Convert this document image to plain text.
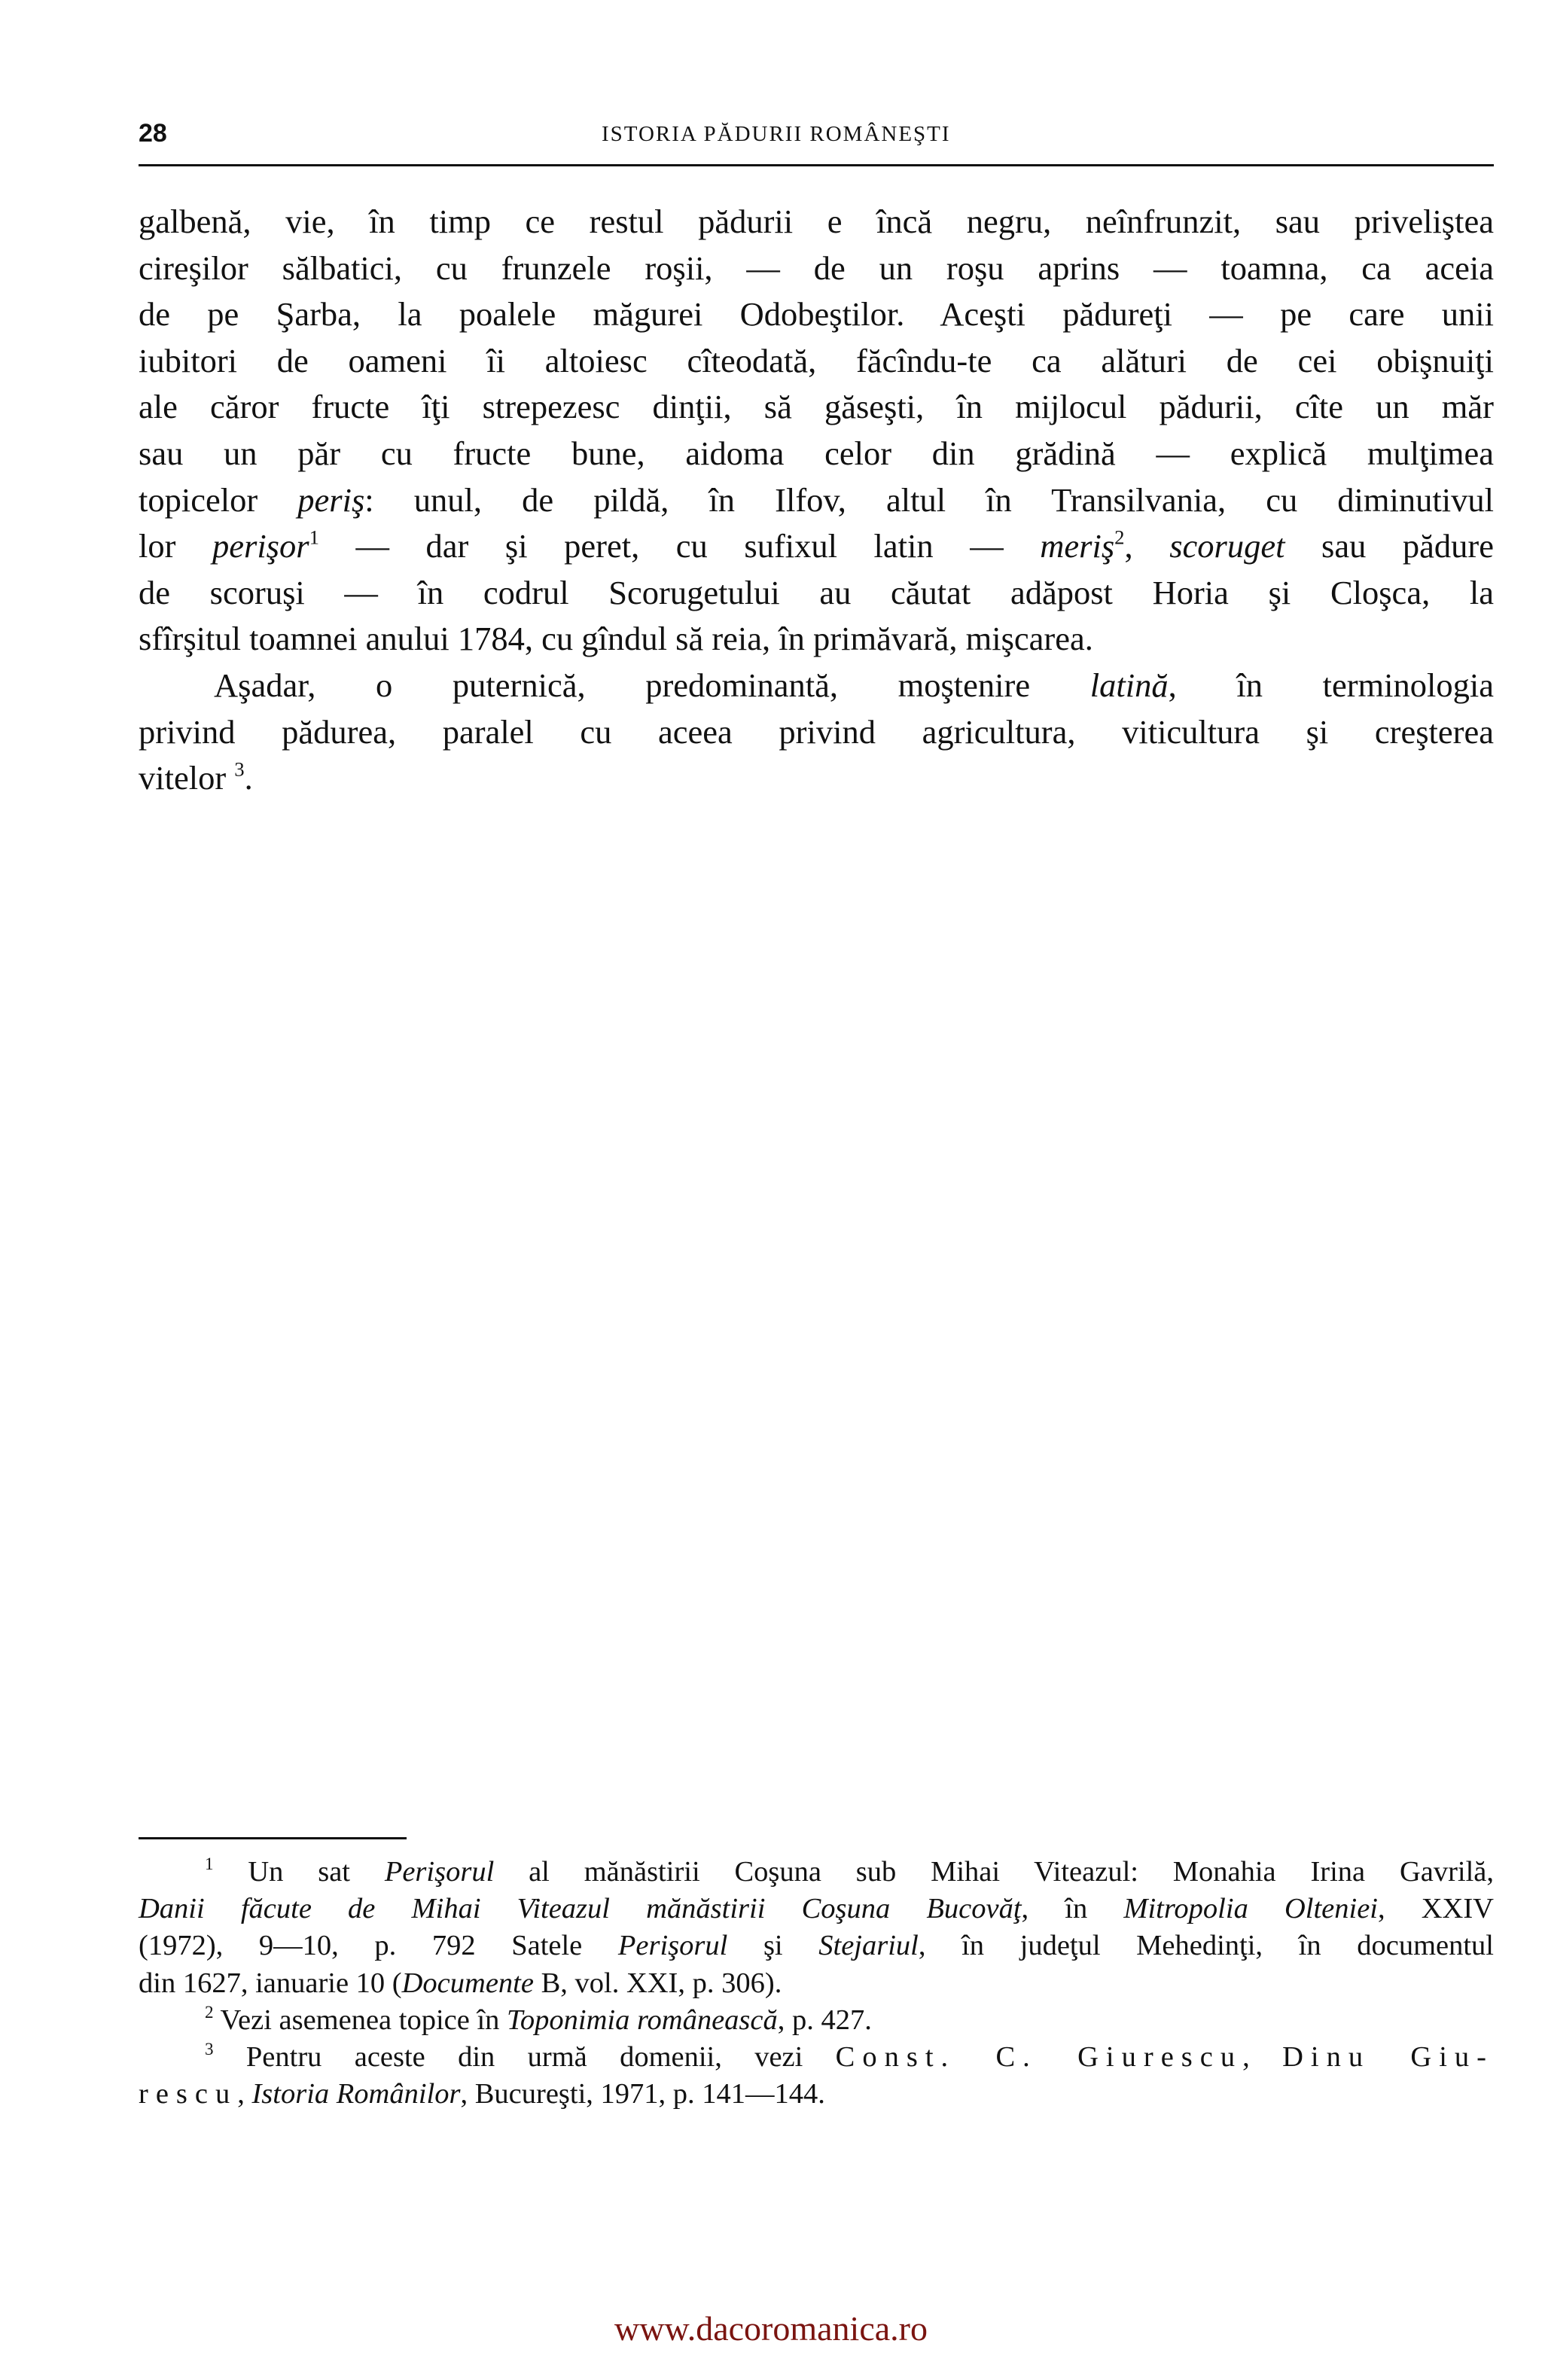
28	ISTORIA PĂDURII ROMÂNEŞTI
galbenă, vie, în timp ce restul pădurii e încă negru, neînfrunzit, sau priveliştea
cireşilor sălbatici, cu frunzele roşii, — de un roşu aprins — toamna, ca aceia
de pe Şarba, la poalele măgurei Odobeştilor. Aceşti pădureţi — pe care unii
iubitori de oameni îi altoiesc cîteodată, făcîndu-te ca alături de cei obişnuiţi
ale căror fructe îţi strepezesc dinţii, să găseşti, în mijlocul pădurii, cîte un măr
sau un păr cu fructe bune, aidoma celor din grădină — explică mulţimea
topicelor periş: unul, de pildă, în Ilfov, altul în Transilvania, cu diminutivul
lor perişor$^1$ — dar şi peret, cu sufixul latin — meriş$^2$, scoruget sau pădure
de scoruşi — în codrul Scorugetului au căutat adăpost Horia şi Cloşca, la
sfîrşitul toamnei anului 1784, cu gîndul să reia, în primăvară, mişcarea.
Aşadar, o puternică, predominantă, moştenire latină, în terminologia
privind pădurea, paralel cu aceea privind agricultura, viticultura şi creşterea
vitelor $^3$.
$^1$ Un sat Perişorul al mănăstirii Coşuna sub Mihai Viteazul: Monahia Irina Gavrilă,
Danii făcute de Mihai Viteazul mănăstirii Coşuna Bucovăţ, în Mitropolia Olteniei, XXIV
(1972), 9—10, p. 792 Satele Perişorul şi Stejariul, în judeţul Mehedinţi, în documentul
din 1627, ianuarie 10 (Documente B, vol. XXI, p. 306).
$^2$ Vezi asemenea topice în Toponimia românească, p. 427.
$^3$ Pentru aceste din urmă domenii, vezi Const. C. Giurescu, Dinu Giu-
rescu, Istoria Românilor, Bucureşti, 1971, p. 141—144.
www.dacoromanica.ro
